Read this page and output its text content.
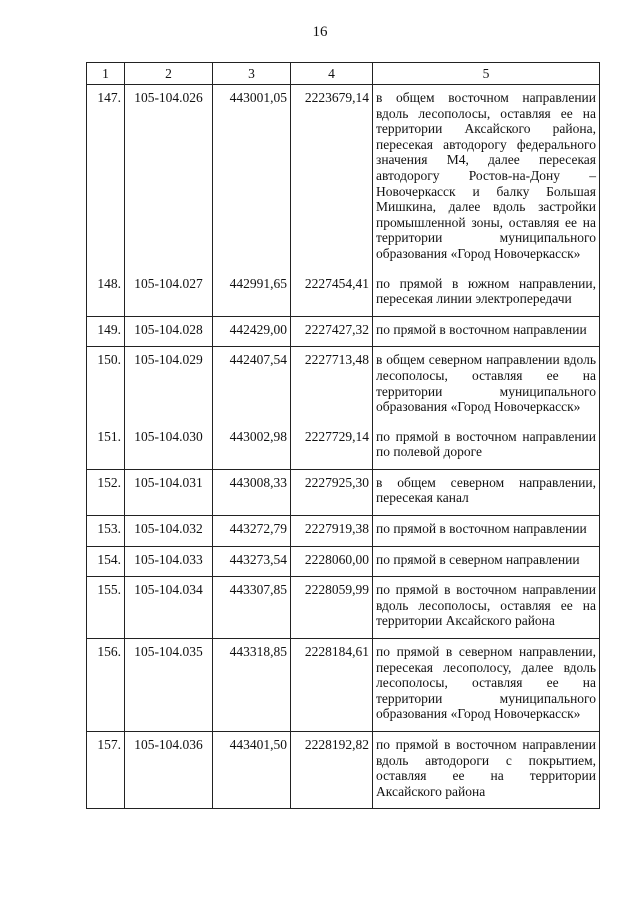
16
1	2	3	4	5
147.	105-104.026	443001,05	2223679,14	в общем восточном направлении вдоль лесополосы, оставляя ее на территории Аксайского района, пересекая автодорогу федерального значения М4, далее пересекая автодорогу Ростов-на-Дону – Новочеркасск и балку Большая Мишкина, далее вдоль застройки промышленной зоны, оставляя ее на территории муниципального образования «Город Новочеркасск»
148.	105-104.027	442991,65	2227454,41	по прямой в южном направлении, пересекая линии электропередачи
149.	105-104.028	442429,00	2227427,32	по прямой в восточном направлении
150.	105-104.029	442407,54	2227713,48	в общем северном направлении вдоль лесополосы, оставляя ее на территории муниципального образования «Город Новочеркасск»
151.	105-104.030	443002,98	2227729,14	по прямой в восточном направлении по полевой дороге
152.	105-104.031	443008,33	2227925,30	в общем северном направлении, пересекая канал
153.	105-104.032	443272,79	2227919,38	по прямой в восточном направлении
154.	105-104.033	443273,54	2228060,00	по прямой в северном направлении
155.	105-104.034	443307,85	2228059,99	по прямой в восточном направлении вдоль лесополосы, оставляя ее на территории Аксайского района
156.	105-104.035	443318,85	2228184,61	по прямой в северном направлении, пересекая лесополосу, далее вдоль лесополосы, оставляя ее на территории муниципального образования «Город Новочеркасск»
157.	105-104.036	443401,50	2228192,82	по прямой в восточном направлении вдоль автодороги с покрытием, оставляя ее на территории Аксайского района
